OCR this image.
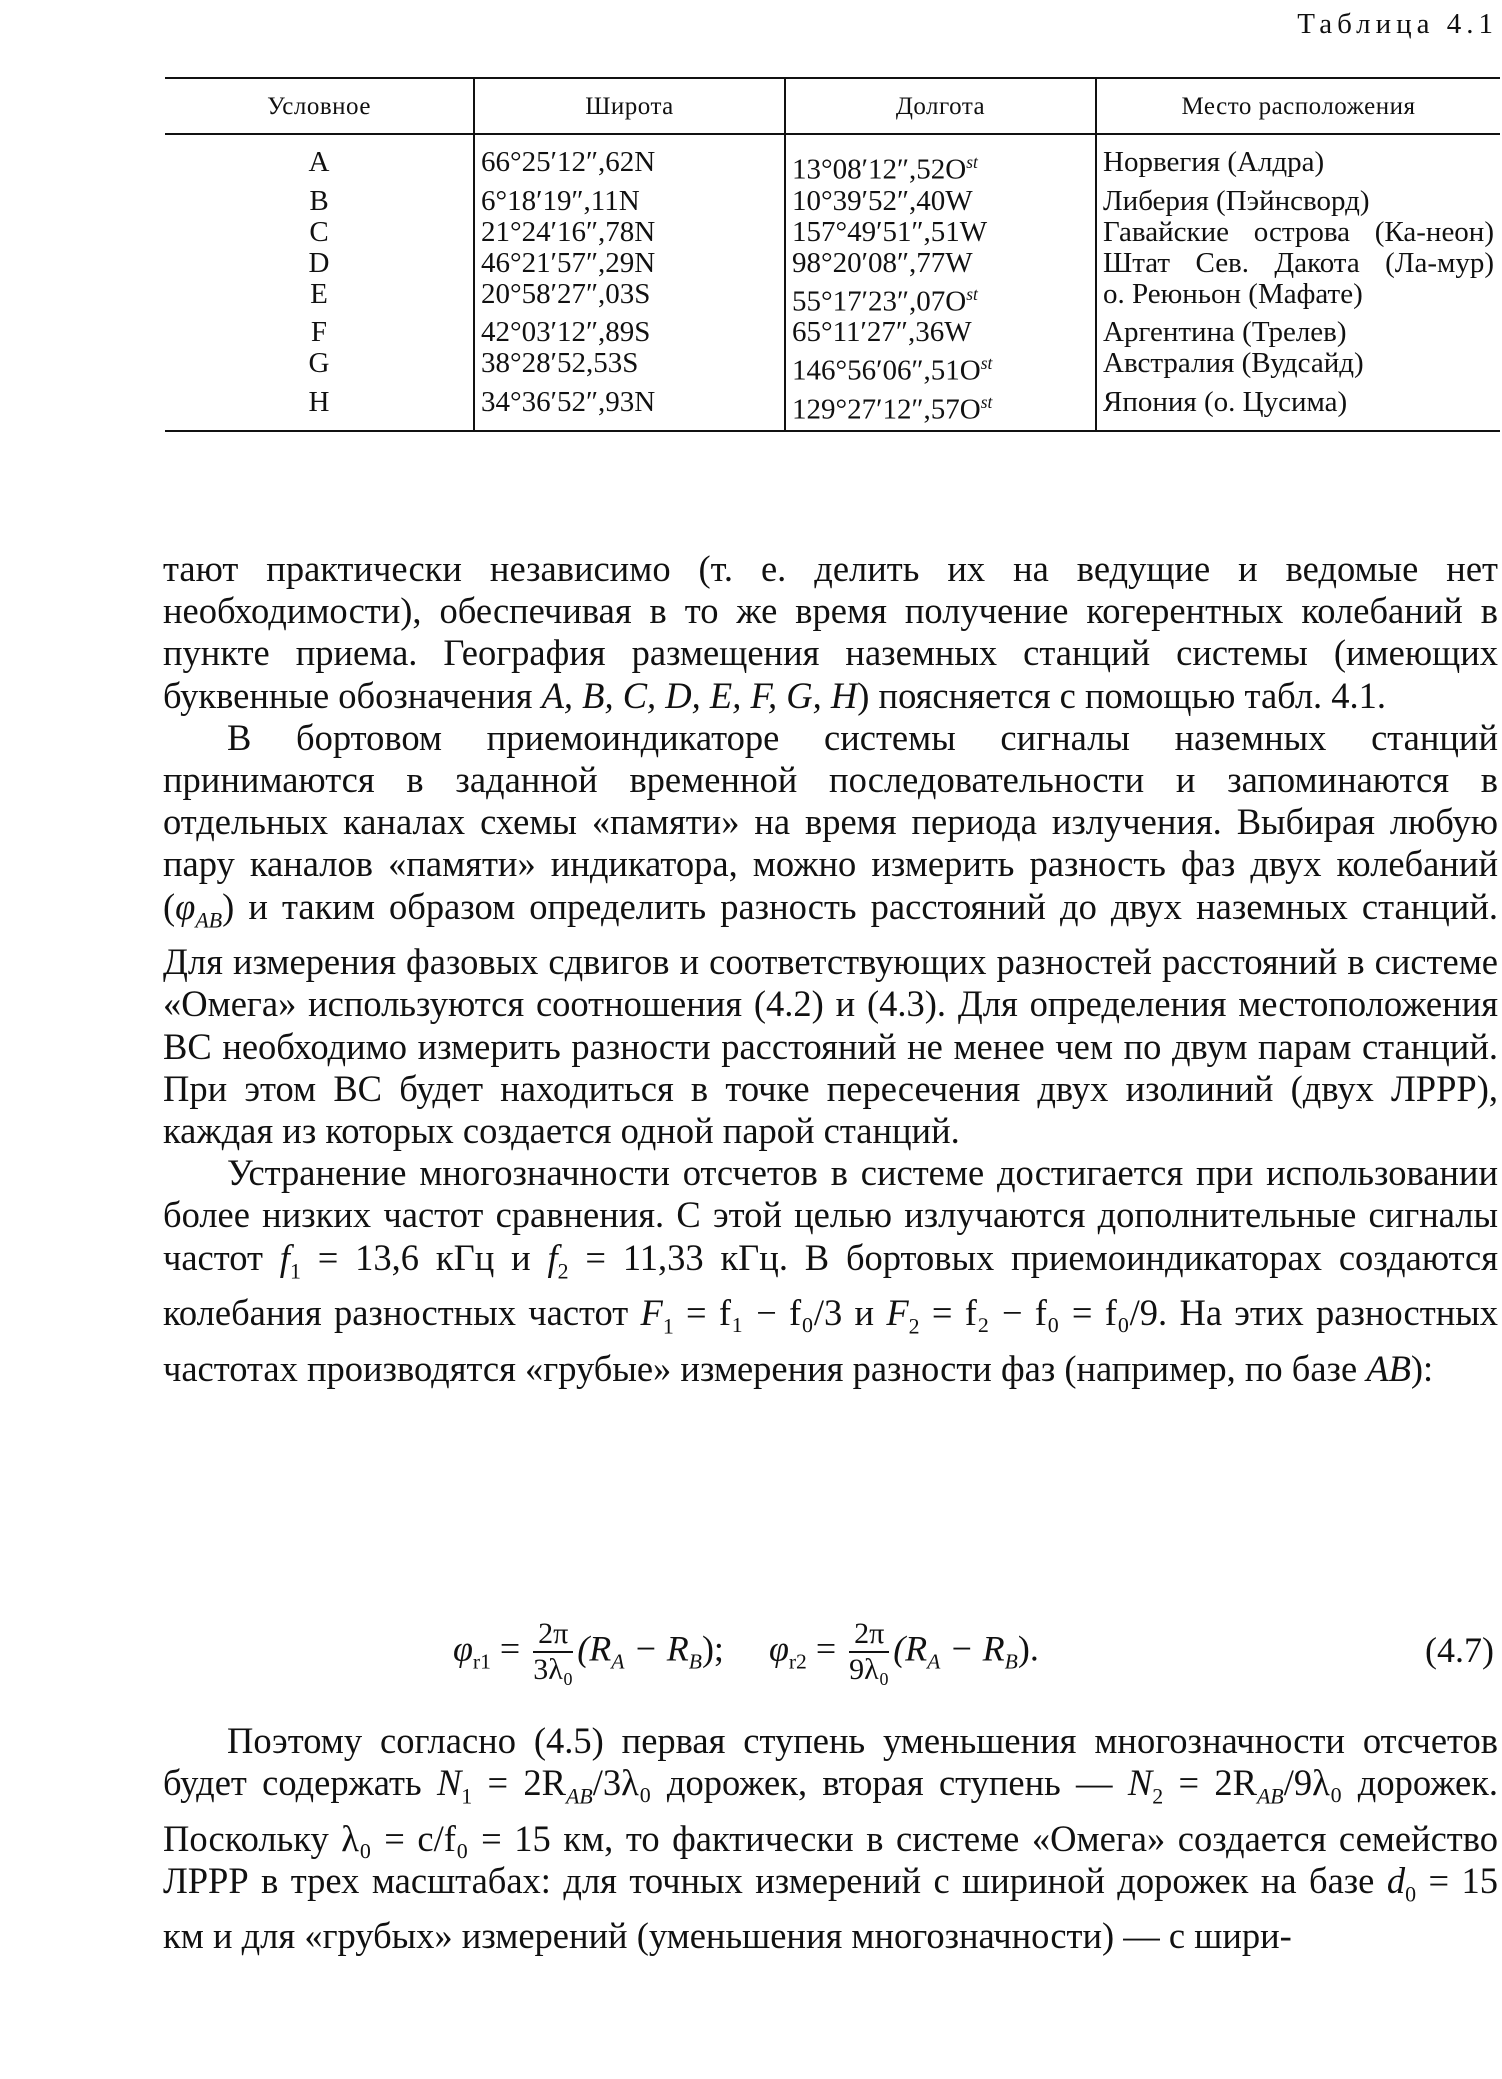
Таблица 4.1
Условное	Широта	Долгота	Место расположения
A	66°25′12″,62N	$13^\circ 08'12'',52O^{st}$	Норвегия (Алдра)
B	6°18′19″,11N	10°39′52″,40W	Либерия (Пэйнсворд)
C	21°24′16″,78N	157°49′51″,51W	Гавайские острова (Ка-неон)
D	46°21′57″,29N	98°20′08″,77W	Штат Сев. Дакота (Ла-мур)
E	20°58′27″,03S	$55^\circ 17'23'',07O^{st}$	о. Реюньон (Мафате)
F	42°03′12″,89S	65°11′27″,36W	Аргентина (Трелев)
G	38°28′52,53S	$146^\circ 56'06'',51O^{st}$	Австралия (Вудсайд)
H	34°36′52″,93N	$129^\circ 27'12'',57O^{st}$	Япония (о. Цусима)

тают практически независимо (т. е. делить их на ведущие и ведомые нет необходимости), обеспечивая в то же время получение когерентных колебаний в пункте приема. География размещения наземных станций системы (имеющих буквенные обозначения A, B, C, D, E, F, G, H) поясняется с помощью табл. 4.1.

В бортовом приемоиндикаторе системы сигналы наземных станций принимаются в заданной временной последовательности и запоминаются в отдельных каналах схемы «памяти» на время периода излучения. Выбирая любую пару каналов «памяти» индикатора, можно измерить разность фаз двух колебаний $(\varphi_{AB})$ и таким образом определить разность расстояний до двух наземных станций. Для измерения фазовых сдвигов и соответствующих разностей расстояний в системе «Омега» используются соотношения (4.2) и (4.3). Для определения местоположения ВС необходимо измерить разности расстояний не менее чем по двум парам станций. При этом ВС будет находиться в точке пересечения двух изолиний (двух ЛРРР), каждая из которых создается одной парой станций.

Устранение многозначности отсчетов в системе достигается при использовании более низких частот сравнения. С этой целью излучаются дополнительные сигналы частот $f_1 = 13,6$ кГц и $f_2 = 11,33$ кГц. В бортовых приемоиндикаторах создаются колебания разностных частот $F_1 = f_1 - f_0/3$ и $F_2 = f_2 - f_0 = f_0/9$. На этих разностных частотах производятся «грубые» измерения разности фаз (например, по базе AB):

$\varphi_{r1} = \frac{2\pi}{\text{3λ₀}} (R_A - R_B)$; $\varphi_{r2} = \frac{2\pi}{\text{9λ₀}} (R_A - R_B)$.	(4.7)

Поэтому согласно (4.5) первая ступень уменьшения многозначности отсчетов будет содержать $N_1 = 2R_{AB}/3\lambda_0$ дорожек, вторая ступень — $N_2 = 2R_{AB}/9\lambda_0$ дорожек. Поскольку λ₀ = c/f₀ = 15 км, то фактически в системе «Омега» создается семейство ЛРРР в трех масштабах: для точных измерений с шириной дорожек на базе $d_0 = 15$ км и для «грубых» измерений (уменьшения многозначности) — с шири-
